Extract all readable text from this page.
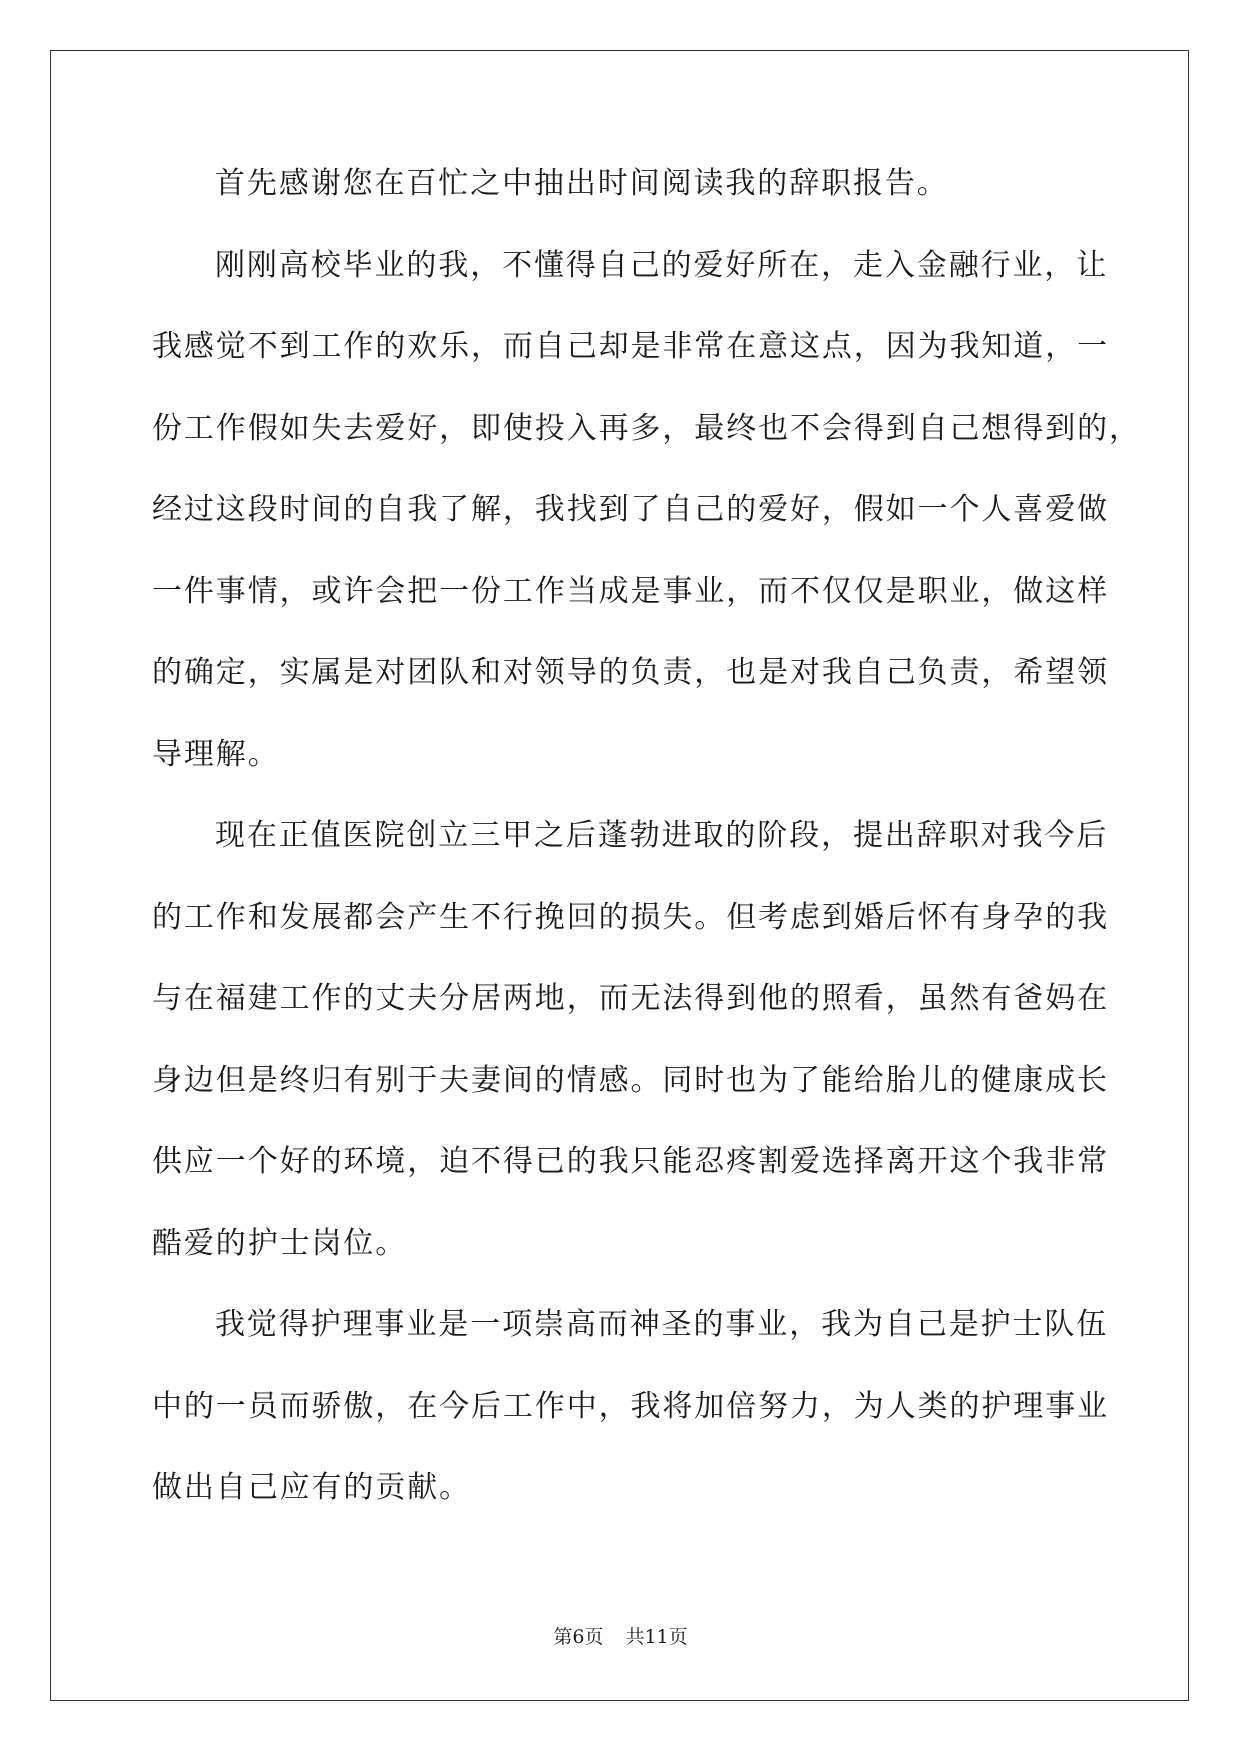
首先感谢您在百忙之中抽出时间阅读我的辞职报告。
刚刚高校毕业的我，不懂得自己的爱好所在，走入金融行业，让
我感觉不到工作的欢乐，而自己却是非常在意这点，因为我知道，一
份工作假如失去爱好，即使投入再多，最终也不会得到自己想得到的，
经过这段时间的自我了解，我找到了自己的爱好，假如一个人喜爱做
一件事情，或许会把一份工作当成是事业，而不仅仅是职业，做这样
的确定，实属是对团队和对领导的负责，也是对我自己负责，希望领
导理解。
现在正值医院创立三甲之后蓬勃进取的阶段，提出辞职对我今后
的工作和发展都会产生不行挽回的损失。但考虑到婚后怀有身孕的我
与在福建工作的丈夫分居两地，而无法得到他的照看，虽然有爸妈在
身边但是终归有别于夫妻间的情感。同时也为了能给胎儿的健康成长
供应一个好的环境，迫不得已的我只能忍疼割爱选择离开这个我非常
酷爱的护士岗位。
我觉得护理事业是一项崇高而神圣的事业，我为自己是护士队伍
中的一员而骄傲，在今后工作中，我将加倍努力，为人类的护理事业
做出自己应有的贡献。
第6页 共11页
